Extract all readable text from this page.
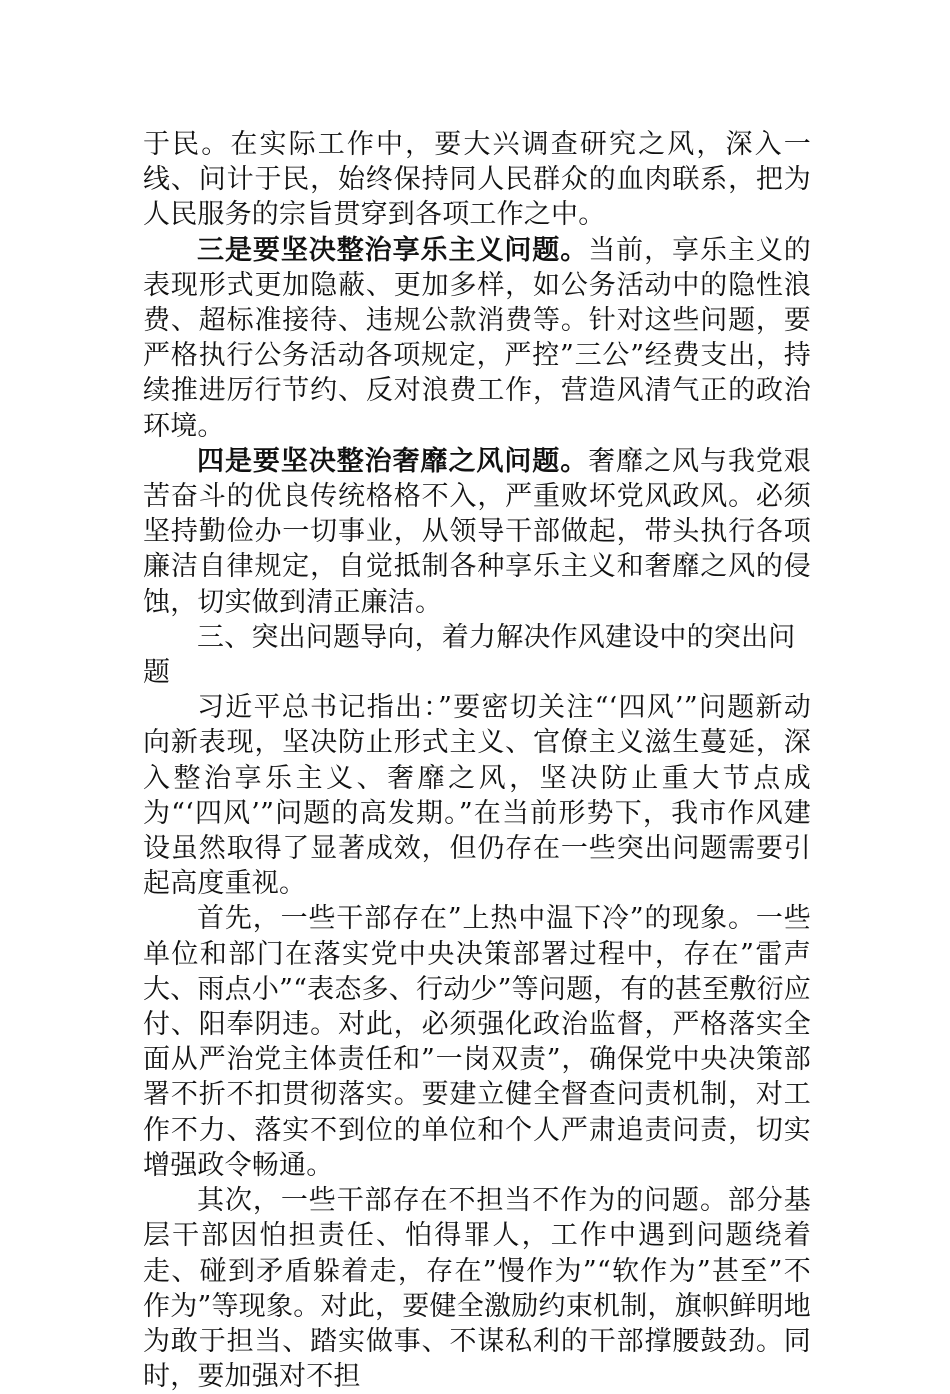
于民。在实际工作中，要大兴调查研究之风，深入一线、问计于民，始终保持同人民群众的血肉联系，把为人民服务的宗旨贯穿到各项工作之中。

三是要坚决整治享乐主义问题。当前，享乐主义的表现形式更加隐蔽、更加多样，如公务活动中的隐性浪费、超标准接待、违规公款消费等。针对这些问题，要严格执行公务活动各项规定，严控”三公”经费支出，持续推进厉行节约、反对浪费工作，营造风清气正的政治环境。

四是要坚决整治奢靡之风问题。奢靡之风与我党艰苦奋斗的优良传统格格不入，严重败坏党风政风。必须坚持勤俭办一切事业，从领导干部做起，带头执行各项廉洁自律规定，自觉抵制各种享乐主义和奢靡之风的侵蚀，切实做到清正廉洁。

三、突出问题导向，着力解决作风建设中的突出问题

习近平总书记指出：”要密切关注“‘四风’”问题新动向新表现，坚决防止形式主义、官僚主义滋生蔓延，深入整治享乐主义、奢靡之风，坚决防止重大节点成为“‘四风’”问题的高发期。”在当前形势下，我市作风建设虽然取得了显著成效，但仍存在一些突出问题需要引起高度重视。

首先，一些干部存在”上热中温下冷”的现象。一些单位和部门在落实党中央决策部署过程中，存在”雷声大、雨点小”“表态多、行动少”等问题，有的甚至敷衍应付、阳奉阴违。对此，必须强化政治监督，严格落实全面从严治党主体责任和”一岗双责”，确保党中央决策部署不折不扣贯彻落实。要建立健全督查问责机制，对工作不力、落实不到位的单位和个人严肃追责问责，切实增强政令畅通。

其次，一些干部存在不担当不作为的问题。部分基层干部因怕担责任、怕得罪人，工作中遇到问题绕着走、碰到矛盾躲着走，存在”慢作为”“软作为”甚至”不作为”等现象。对此，要健全激励约束机制，旗帜鲜明地为敢于担当、踏实做事、不谋私利的干部撑腰鼓劲。同时，要加强对不担
